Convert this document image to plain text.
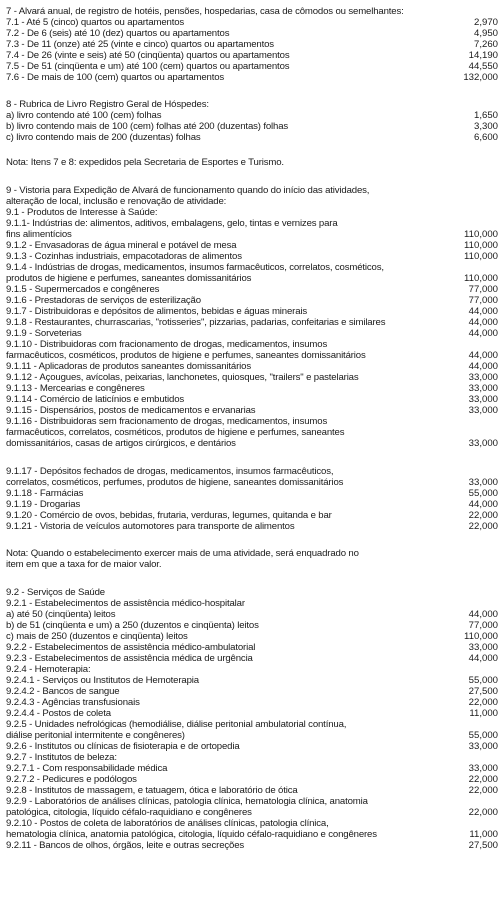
7 - Alvará anual, de registro de hotéis, pensões, hospedarias, casa de cômodos ou semelhantes:
7.1 - Até 5 (cinco) quartos ou apartamentos	2,970
7.2 - De 6 (seis) até 10 (dez) quartos ou apartamentos	4,950
7.3 - De 11 (onze) até 25 (vinte e cinco) quartos ou apartamentos	7,260
7.4 - De 26 (vinte e seis) até 50 (cinqüenta) quartos ou apartamentos	14,190
7.5 - De 51 (cinqüenta e um) até 100 (cem) quartos ou apartamentos	44,550
7.6 - De mais de 100 (cem) quartos ou apartamentos	132,000
8 - Rubrica de Livro Registro Geral de Hóspedes:
a) livro contendo até 100 (cem) folhas	1,650
b) livro contendo mais de 100 (cem) folhas até 200 (duzentas) folhas	3,300
c) livro contendo mais de 200 (duzentas) folhas	6,600
Nota: Itens 7 e 8: expedidos pela Secretaria de Esportes e Turismo.
9 - Vistoria para Expedição de Alvará de funcionamento quando do início das atividades,
alteração de local, inclusão e renovação de atividade:
9.1 - Produtos de Interesse à Saúde:
9.1.1- Indústrias de: alimentos, aditivos, embalagens, gelo, tintas e vernizes para
fins alimentícios	110,000
9.1.2 - Envasadoras de água mineral e potável de mesa	110,000
9.1.3 - Cozinhas industriais, empacotadoras de alimentos	110,000
9.1.4 - Indústrias de drogas, medicamentos, insumos farmacêuticos, correlatos, cosméticos,
produtos de higiene e perfumes, saneantes domissanitários	110,000
9.1.5 - Supermercados e congêneres	77,000
9.1.6 - Prestadoras de serviços de esterilização	77,000
9.1.7 - Distribuidoras e depósitos de alimentos, bebidas e águas minerais	44,000
9.1.8 - Restaurantes, churrascarias, "rotisseries", pizzarias, padarias, confeitarias e similares	44,000
9.1.9 - Sorveterias	44,000
9.1.10 - Distribuidoras com fracionamento de drogas, medicamentos, insumos
farmacêuticos, cosméticos, produtos de higiene e perfumes, saneantes domissanitários	44,000
9.1.11 - Aplicadoras de produtos saneantes domissanitários	44,000
9.1.12 - Açougues, avícolas, peixarias, lanchonetes, quiosques, "trailers" e pastelarias	33,000
9.1.13 - Mercearias e congêneres	33,000
9.1.14 - Comércio de laticínios e embutidos	33,000
9.1.15 - Dispensários, postos de medicamentos e ervanarias	33,000
9.1.16 - Distribuidoras sem fracionamento de drogas, medicamentos, insumos
farmacêuticos, correlatos, cosméticos, produtos de higiene e perfumes, saneantes
domissanitários, casas de artigos cirúrgicos, e dentários	33,000
9.1.17 - Depósitos fechados de drogas, medicamentos, insumos farmacêuticos,
correlatos, cosméticos, perfumes, produtos de higiene, saneantes domissanitários	33,000
9.1.18 - Farmácias	55,000
9.1.19 - Drogarias	44,000
9.1.20 - Comércio de ovos, bebidas, frutaria, verduras, legumes, quitanda e bar	22,000
9.1.21 - Vistoria de veículos automotores para transporte de alimentos	22,000
Nota: Quando o estabelecimento exercer mais de uma atividade, será enquadrado no
item em que a taxa for de maior valor.
9.2 - Serviços de Saúde
9.2.1 - Estabelecimentos de assistência médico-hospitalar
a) até 50 (cinqüenta) leitos	44,000
b) de 51 (cinqüenta e um) a 250 (duzentos e cinqüenta) leitos	77,000
c) mais de 250 (duzentos e cinqüenta) leitos	110,000
9.2.2 - Estabelecimentos de assistência médico-ambulatorial	33,000
9.2.3 - Estabelecimentos de assistência médica de urgência	44,000
9.2.4 - Hemoterapia:
9.2.4.1 - Serviços ou Institutos de Hemoterapia	55,000
9.2.4.2 - Bancos de sangue	27,500
9.2.4.3 - Agências transfusionais	22,000
9.2.4.4 - Postos de coleta	11,000
9.2.5 - Unidades nefrológicas (hemodiálise, diálise peritonial ambulatorial contínua,
diálise peritonial intermitente e congêneres)	55,000
9.2.6 - Institutos ou clínicas de fisioterapia e de ortopedia	33,000
9.2.7 - Institutos de beleza:
9.2.7.1 - Com responsabilidade médica	33,000
9.2.7.2 - Pedicures e podólogos	22,000
9.2.8 - Institutos de massagem, e tatuagem, ótica e laboratório de ótica	22,000
9.2.9 - Laboratórios de análises clínicas, patologia clínica, hematologia clínica, anatomia
patológica, citologia, líquido céfalo-raquidiano e congêneres	22,000
9.2.10 - Postos de coleta de laboratórios de análises clínicas, patologia clínica,
hematologia clínica, anatomia patológica, citologia, líquido céfalo-raquidiano e congêneres	11,000
9.2.11 - Bancos de olhos, órgãos, leite e outras secreções	27,500
